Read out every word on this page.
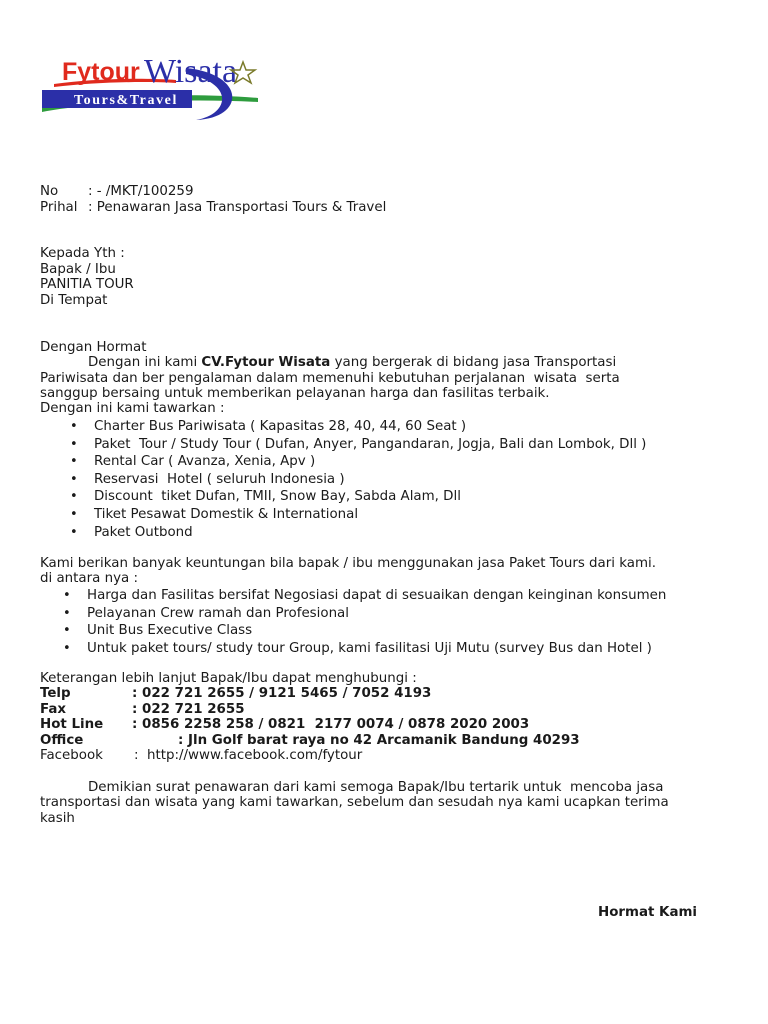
Fytour Wisata
Tours&Travel
No : - /MKT/100259
Prihal : Penawaran Jasa Transportasi Tours & Travel
Kepada Yth :
Bapak / Ibu
PANITIA TOUR
Di Tempat
Dengan Hormat
Dengan ini kami CV.Fytour Wisata yang bergerak di bidang jasa Transportasi
Pariwisata dan ber pengalaman dalam memenuhi kebutuhan perjalanan  wisata  serta
sanggup bersaing untuk memberikan pelayanan harga dan fasilitas terbaik.
Dengan ini kami tawarkan :
• Charter Bus Pariwisata ( Kapasitas 28, 40, 44, 60 Seat )
• Paket  Tour / Study Tour ( Dufan, Anyer, Pangandaran, Jogja, Bali dan Lombok, Dll )
• Rental Car ( Avanza, Xenia, Apv )
• Reservasi  Hotel ( seluruh Indonesia )
• Discount  tiket Dufan, TMII, Snow Bay, Sabda Alam, Dll
• Tiket Pesawat Domestik & International
• Paket Outbond
Kami berikan banyak keuntungan bila bapak / ibu menggunakan jasa Paket Tours dari kami.
di antara nya :
• Harga dan Fasilitas bersifat Negosiasi dapat di sesuaikan dengan keinginan konsumen
• Pelayanan Crew ramah dan Profesional
• Unit Bus Executive Class
• Untuk paket tours/ study tour Group, kami fasilitasi Uji Mutu (survey Bus dan Hotel )
Keterangan lebih lanjut Bapak/Ibu dapat menghubungi :
Telp	: 022 721 2655 / 9121 5465 / 7052 4193
Fax	: 022 721 2655
Hot Line : 0856 2258 258 / 0821  2177 0074 / 0878 2020 2003
Office	: Jln Golf barat raya no 42 Arcamanik Bandung 40293
Facebook :  http://www.facebook.com/fytour
Demikian surat penawaran dari kami semoga Bapak/Ibu tertarik untuk  mencoba jasa
transportasi dan wisata yang kami tawarkan, sebelum dan sesudah nya kami ucapkan terima
kasih
Hormat Kami
